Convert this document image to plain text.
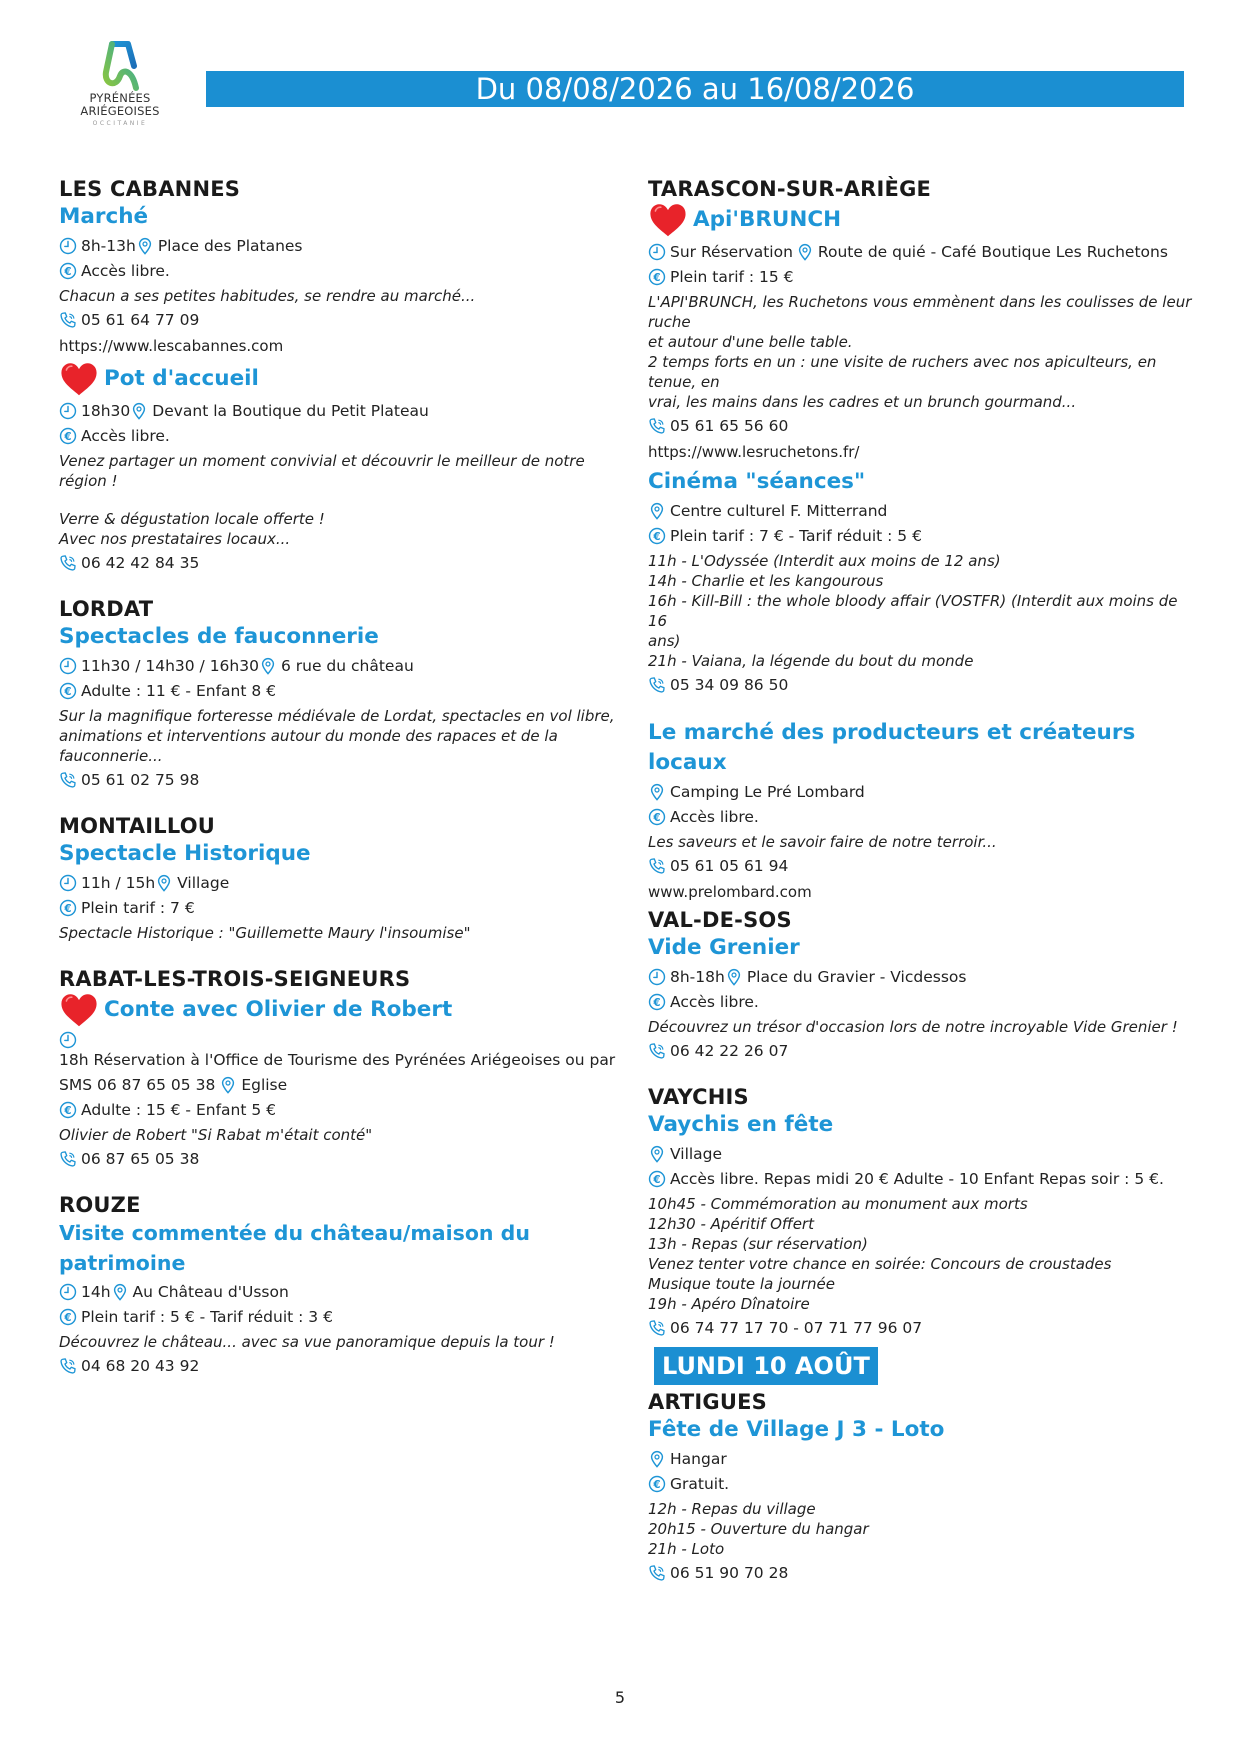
PYRÉNÉES
ARIÉGEOISES
OCCITANIE
Du 08/08/2026 au 16/08/2026
LES CABANNES
Marché
8h-13h Place des Platanes
Accès libre.
Chacun a ses petites habitudes, se rendre au marché...
05 61 64 77 09
https://www.lescabannes.com
Pot d'accueil
18h30 Devant la Boutique du Petit Plateau
Accès libre.
Venez partager un moment convivial et découvrir le meilleur de notre région !
Verre & dégustation locale offerte !
Avec nos prestataires locaux...
06 42 42 84 35
LORDAT
Spectacles de fauconnerie
11h30 / 14h30 / 16h30 6 rue du château
Adulte : 11 € - Enfant 8 €
Sur la magnifique forteresse médiévale de Lordat, spectacles en vol libre,
animations et interventions autour du monde des rapaces et de la
fauconnerie...
05 61 02 75 98
MONTAILLOU
Spectacle Historique
11h / 15h Village
Plein tarif : 7 €
Spectacle Historique : "Guillemette Maury l'insoumise"
RABAT-LES-TROIS-SEIGNEURS
Conte avec Olivier de Robert
18h Réservation à l'Office de Tourisme des Pyrénées Ariégeoises ou par
SMS 06 87 65 05 38 Eglise
Adulte : 15 € - Enfant 5 €
Olivier de Robert "Si Rabat m'était conté"
06 87 65 05 38
ROUZE
Visite commentée du château/maison du patrimoine
14h Au Château d'Usson
Plein tarif : 5 € - Tarif réduit : 3 €
Découvrez le château... avec sa vue panoramique depuis la tour !
04 68 20 43 92
TARASCON-SUR-ARIÈGE
Api'BRUNCH
Sur Réservation Route de quié - Café Boutique Les Ruchetons
Plein tarif : 15 €
L'API'BRUNCH, les Ruchetons vous emmènent dans les coulisses de leur ruche
et autour d'une belle table.
2 temps forts en un : une visite de ruchers avec nos apiculteurs, en tenue, en
vrai, les mains dans les cadres et un brunch gourmand...
05 61 65 56 60
https://www.lesruchetons.fr/
Cinéma "séances"
Centre culturel F. Mitterrand
Plein tarif : 7 € - Tarif réduit : 5 €
11h - L'Odyssée (Interdit aux moins de 12 ans)
14h - Charlie et les kangourous
16h - Kill-Bill : the whole bloody affair (VOSTFR) (Interdit aux moins de 16
ans)
21h - Vaiana, la légende du bout du monde
05 34 09 86 50
Le marché des producteurs et créateurs locaux
Camping Le Pré Lombard
Accès libre.
Les saveurs et le savoir faire de notre terroir...
05 61 05 61 94
www.prelombard.com
VAL-DE-SOS
Vide Grenier
8h-18h Place du Gravier - Vicdessos
Accès libre.
Découvrez un trésor d'occasion lors de notre incroyable Vide Grenier !
06 42 22 26 07
VAYCHIS
Vaychis en fête
Village
Accès libre. Repas midi 20 € Adulte - 10 Enfant Repas soir : 5 €.
10h45 - Commémoration au monument aux morts
12h30 - Apéritif Offert
13h - Repas (sur réservation)
Venez tenter votre chance en soirée: Concours de croustades
Musique toute la journée
19h - Apéro Dînatoire
06 74 77 17 70 - 07 71 77 96 07
LUNDI 10 AOÛT
ARTIGUES
Fête de Village J 3 - Loto
Hangar
Gratuit.
12h - Repas du village
20h15 - Ouverture du hangar
21h - Loto
06 51 90 70 28
5
